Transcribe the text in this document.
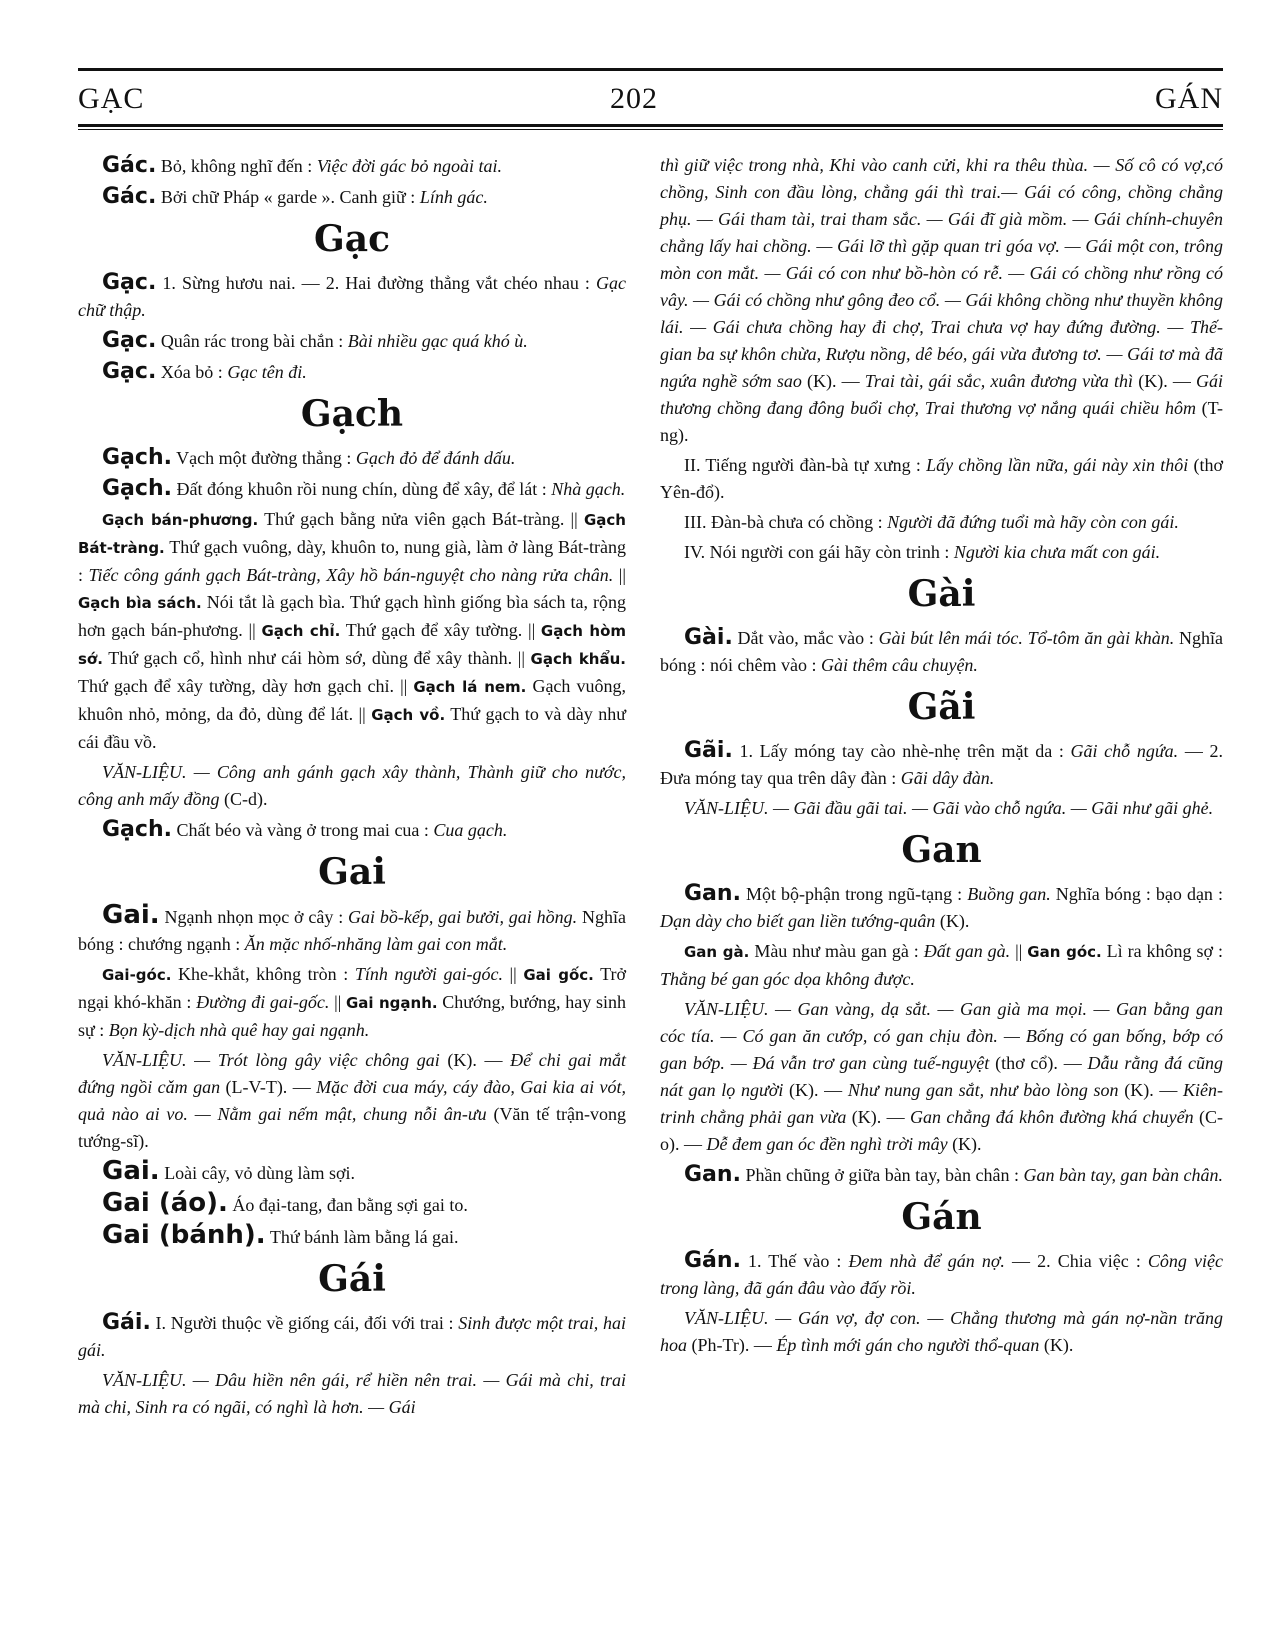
GẠC	202	GÁN

Gác. Bỏ, không nghĩ đến : Việc đời gác bỏ ngoài tai.

Gác. Bởi chữ Pháp « garde ». Canh giữ : Lính gác.

Gạc

Gạc. 1. Sừng hươu nai. — 2. Hai đường thẳng vắt chéo nhau : Gạc chữ thập.

Gạc. Quân rác trong bài chắn : Bài nhiều gạc quá khó ù.

Gạc. Xóa bỏ : Gạc tên đi.

Gạch

Gạch. Vạch một đường thẳng : Gạch đỏ để đánh dấu.

Gạch. Đất đóng khuôn rồi nung chín, dùng để xây, để lát : Nhà gạch.

Gạch bán-phương. Thứ gạch bằng nửa viên gạch Bát-tràng. || Gạch Bát-tràng. Thứ gạch vuông, dày, khuôn to, nung già, làm ở làng Bát-tràng : Tiếc công gánh gạch Bát-tràng, Xây hồ bán-nguyệt cho nàng rửa chân. || Gạch bìa sách. Nói tắt là gạch bìa. Thứ gạch hình giống bìa sách ta, rộng hơn gạch bán-phương. || Gạch chỉ. Thứ gạch để xây tường. || Gạch hòm sớ. Thứ gạch cổ, hình như cái hòm sớ, dùng để xây thành. || Gạch khẩu. Thứ gạch để xây tường, dày hơn gạch chỉ. || Gạch lá nem. Gạch vuông, khuôn nhỏ, mỏng, da đỏ, dùng để lát. || Gạch vồ. Thứ gạch to và dày như cái đầu vồ.

VĂN-LIỆU. — Công anh gánh gạch xây thành, Thành giữ cho nước, công anh mấy đồng (C-d).

Gạch. Chất béo và vàng ở trong mai cua : Cua gạch.

Gai

Gai. Ngạnh nhọn mọc ở cây : Gai bồ-kếp, gai bưởi, gai hồng. Nghĩa bóng : chướng ngạnh : Ăn mặc nhố-nhăng làm gai con mắt.

Gai-góc. Khe-khắt, không tròn : Tính người gai-góc. || Gai gốc. Trở ngại khó-khăn : Đường đi gai-gốc. || Gai ngạnh. Chướng, bướng, hay sinh sự : Bọn kỳ-dịch nhà quê hay gai ngạnh.

VĂN-LIỆU. — Trót lòng gây việc chông gai (K). — Để chi gai mắt đứng ngồi cǎm gan (L-V-T). — Mặc đời cua máy, cáy đào, Gai kia ai vót, quả nào ai vo. — Nằm gai nếm mật, chung nỗi ân-ưu (Văn tế trận-vong tướng-sĩ).

Gai. Loài cây, vỏ dùng làm sợi.

Gai (áo). Áo đại-tang, đan bằng sợi gai to.

Gai (bánh). Thứ bánh làm bằng lá gai.

Gái

Gái. I. Người thuộc về giống cái, đối với trai : Sinh được một trai, hai gái.

VĂN-LIỆU. — Dâu hiền nên gái, rể hiền nên trai. — Gái mà chi, trai mà chi, Sinh ra có ngãi, có nghì là hơn. — Gái

thì giữ việc trong nhà, Khi vào canh cửi, khi ra thêu thùa. — Số cô có vợ,có chồng, Sinh con đầu lòng, chẳng gái thì trai.— Gái có công, chồng chẳng phụ. — Gái tham tài, trai tham sắc. — Gái đĩ già mồm. — Gái chính-chuyên chẳng lấy hai chồng. — Gái lỡ thì gặp quan tri góa vợ. — Gái một con, trông mòn con mắt. — Gái có con như bồ-hòn có rễ. — Gái có chồng như rồng có vây. — Gái có chồng như gông đeo cổ. — Gái không chồng như thuyền không lái. — Gái chưa chồng hay đi chợ, Trai chưa vợ hay đứng đường. — Thế-gian ba sự khôn chừa, Rượu nồng, dê béo, gái vừa đương tơ. — Gái tơ mà đã ngứa nghề sớm sao (K). — Trai tài, gái sắc, xuân đương vừa thì (K). — Gái thương chồng đang đông buổi chợ, Trai thương vợ nắng quái chiều hôm (T-ng).

II. Tiếng người đàn-bà tự xưng : Lấy chồng lần nữa, gái này xin thôi (thơ Yên-đổ).

III. Đàn-bà chưa có chồng : Người đã đứng tuổi mà hãy còn con gái.

IV. Nói người con gái hãy còn trinh : Người kia chưa mất con gái.

Gài

Gài. Dắt vào, mắc vào : Gài bút lên mái tóc. Tổ-tôm ăn gài khàn. Nghĩa bóng : nói chêm vào : Gài thêm câu chuyện.

Gãi

Gãi. 1. Lấy móng tay cào nhè-nhẹ trên mặt da : Gãi chỗ ngứa. — 2. Đưa móng tay qua trên dây đàn : Gãi dây đàn.

VĂN-LIỆU. — Gãi đầu gãi tai. — Gãi vào chỗ ngứa. — Gãi như gãi ghẻ.

Gan

Gan. Một bộ-phận trong ngũ-tạng : Buồng gan. Nghĩa bóng : bạo dạn : Dạn dày cho biết gan liền tướng-quân (K).

Gan gà. Màu như màu gan gà : Đất gan gà. || Gan góc. Lì ra không sợ : Thằng bé gan góc dọa không được.

VĂN-LIỆU. — Gan vàng, dạ sắt. — Gan già ma mọi. — Gan bằng gan cóc tía. — Có gan ăn cướp, có gan chịu đòn. — Bống có gan bống, bớp có gan bớp. — Đá vẫn trơ gan cùng tuế-nguyệt (thơ cổ). — Dẫu rằng đá cũng nát gan lọ người (K). — Như nung gan sắt, như bào lòng son (K). — Kiên-trinh chẳng phải gan vừa (K). — Gan chẳng đá khôn đường khá chuyển (C-o). — Dễ đem gan óc đền nghì trời mây (K).

Gan. Phần chũng ở giữa bàn tay, bàn chân : Gan bàn tay, gan bàn chân.

Gán

Gán. 1. Thế vào : Đem nhà để gán nợ. — 2. Chia việc : Công việc trong làng, đã gán đâu vào đấy rồi.

VĂN-LIỆU. — Gán vợ, đợ con. — Chẳng thương mà gán nợ-nần trăng hoa (Ph-Tr). — Ép tình mới gán cho người thổ-quan (K).
